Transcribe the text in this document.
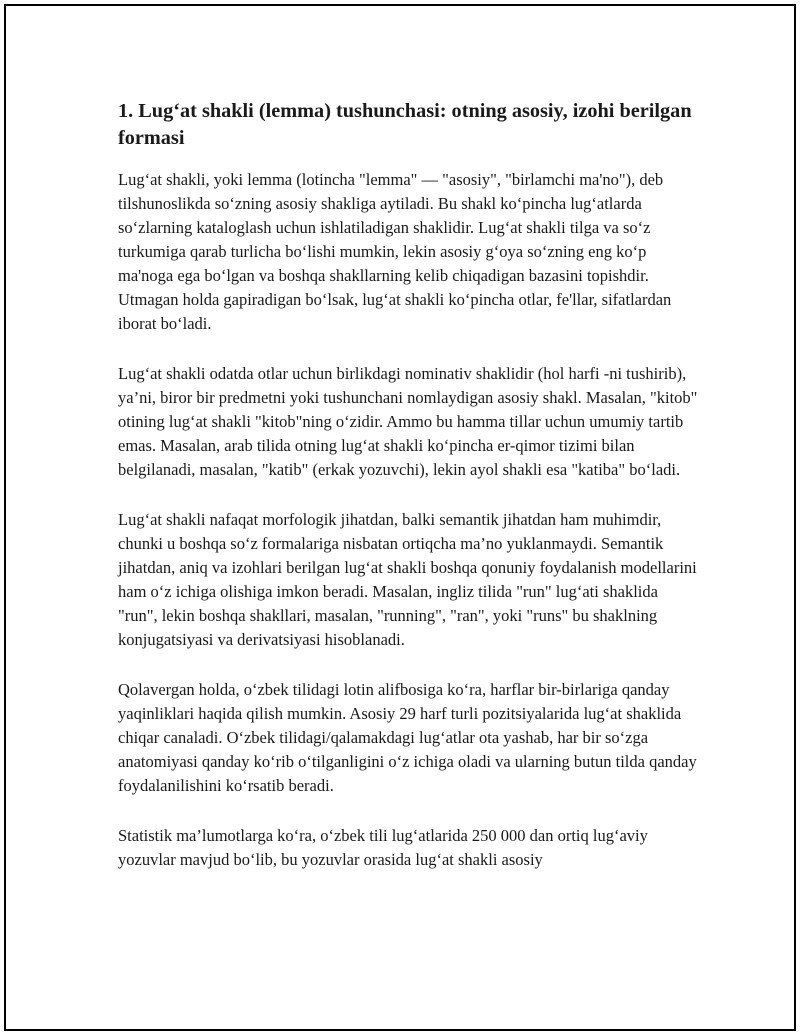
1. Lug‘at shakli (lemma) tushunchasi: otning asosiy, izohi berilgan formasi

Lug‘at shakli, yoki lemma (lotincha "lemma" — "asosiy", "birlamchi ma'no"), deb tilshunoslikda so‘zning asosiy shakliga aytiladi. Bu shakl ko‘pincha lug‘atlarda so‘zlarning kataloglash uchun ishlatiladigan shaklidir. Lug‘at shakli tilga va so‘z turkumiga qarab turlicha bo‘lishi mumkin, lekin asosiy g‘oya so‘zning eng ko‘p ma'noga ega bo‘lgan va boshqa shakllarning kelib chiqadigan bazasini topishdir. Utmagan holda gapiradigan bo‘lsak, lug‘at shakli ko‘pincha otlar, fe'llar, sifatlardan iborat bo‘ladi.

Lug‘at shakli odatda otlar uchun birlikdagi nominativ shaklidir (hol harfi -ni tushirib), ya’ni, biror bir predmetni yoki tushunchani nomlaydigan asosiy shakl. Masalan, "kitob" otining lug‘at shakli "kitob"ning o‘zidir. Ammo bu hamma tillar uchun umumiy tartib emas. Masalan, arab tilida otning lug‘at shakli ko‘pincha er-qimor tizimi bilan belgilanadi, masalan, "katib" (erkak yozuvchi), lekin ayol shakli esa "katiba" bo‘ladi.

Lug‘at shakli nafaqat morfologik jihatdan, balki semantik jihatdan ham muhimdir, chunki u boshqa so‘z formalariga nisbatan ortiqcha ma’no yuklanmaydi. Semantik jihatdan, aniq va izohlari berilgan lug‘at shakli boshqa qonuniy foydalanish modellarini ham o‘z ichiga olishiga imkon beradi. Masalan, ingliz tilida "run" lug‘ati shaklida "run", lekin boshqa shakllari, masalan, "running", "ran", yoki "runs" bu shaklning konjugatsiyasi va derivatsiyasi hisoblanadi.

Qolavergan holda, o‘zbek tilidagi lotin alifbosiga ko‘ra, harflar bir-birlariga qanday yaqinliklari haqida qilish mumkin. Asosiy 29 harf turli pozitsiyalarida lug‘at shaklida chiqar canaladi. O‘zbek tilidagi/qalamakdagi lug‘atlar ota yashab, har bir so‘zga anatomiyasi qanday ko‘rib o‘tilganligini o‘z ichiga oladi va ularning butun tilda qanday foydalanilishini ko‘rsatib beradi.

Statistik ma’lumotlarga ko‘ra, o‘zbek tili lug‘atlarida 250 000 dan ortiq lug‘aviy yozuvlar mavjud bo‘lib, bu yozuvlar orasida lug‘at shakli asosiy
